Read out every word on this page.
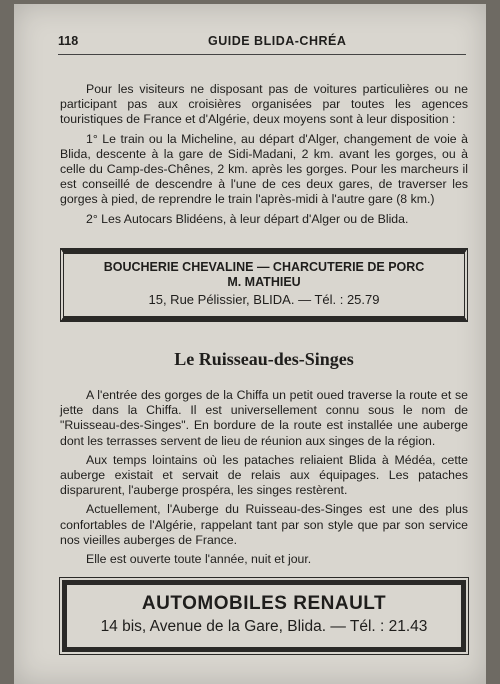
118	GUIDE BLIDA-CHRÉA

Pour les visiteurs ne disposant pas de voitures particulières ou ne participant pas aux croisières organisées par toutes les agences touristiques de France et d'Algérie, deux moyens sont à leur disposition :

1° Le train ou la Micheline, au départ d'Alger, changement de voie à Blida, descente à la gare de Sidi-Madani, 2 km. avant les gorges, ou à celle du Camp-des-Chênes, 2 km. après les gorges. Pour les marcheurs il est conseillé de descendre à l'une de ces deux gares, de traverser les gorges à pied, de reprendre le train l'après-midi à l'autre gare (8 km.)

2° Les Autocars Blidéens, à leur départ d'Alger ou de Blida.

BOUCHERIE CHEVALINE — CHARCUTERIE DE PORC
M. MATHIEU
15, Rue Pélissier, BLIDA. — Tél. : 25.79
Le Ruisseau-des-Singes

A l'entrée des gorges de la Chiffa un petit oued traverse la route et se jette dans la Chiffa. Il est universellement connu sous le nom de "Ruisseau-des-Singes". En bordure de la route est installée une auberge dont les terrasses servent de lieu de réunion aux singes de la région.

Aux temps lointains où les pataches reliaient Blida à Médéa, cette auberge existait et servait de relais aux équipages. Les pataches disparurent, l'auberge prospéra, les singes restèrent.

Actuellement, l'Auberge du Ruisseau-des-Singes est une des plus confortables de l'Algérie, rappelant tant par son style que par son service nos vieilles auberges de France.

Elle est ouverte toute l'année, nuit et jour.

AUTOMOBILES RENAULT
14 bis, Avenue de la Gare, Blida. — Tél. : 21.43
